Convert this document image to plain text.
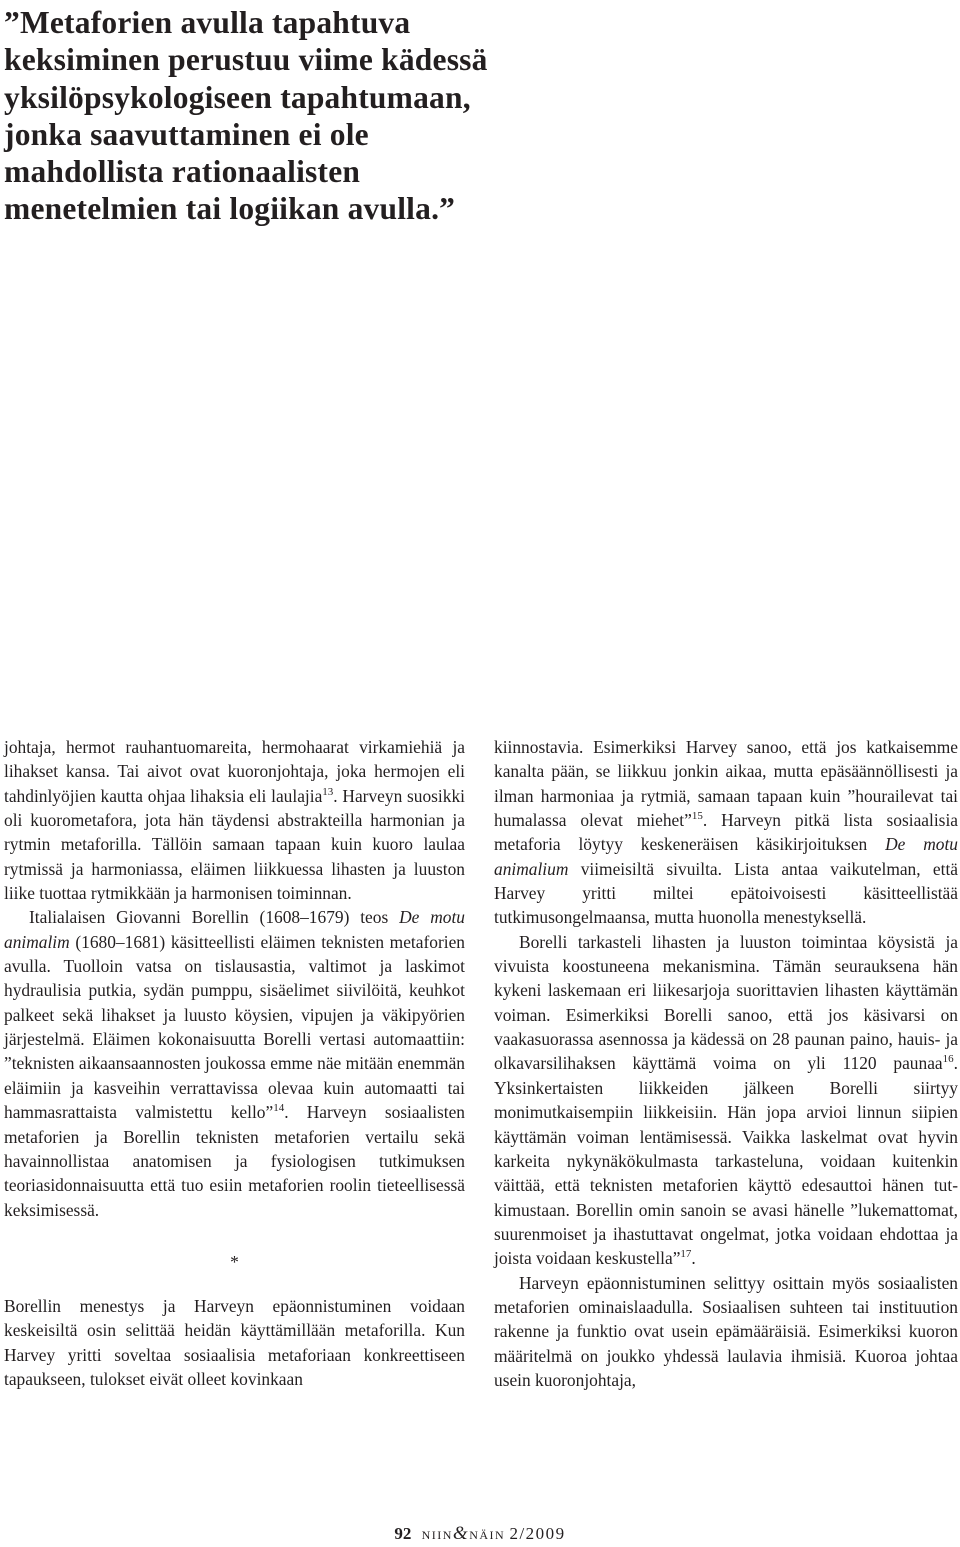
”Metaforien avulla tapahtuva keksiminen perustuu viime kädessä yksilöpsykologiseen tapahtumaan, jonka saavuttaminen ei ole mahdollista rationaalisten menetelmien tai logiikan avulla.”

johtaja, hermot rauhantuomareita, hermohaarat virkamiehiä ja lihakset kansa. Tai aivot ovat kuoronjohtaja, joka hermojen eli tahdinlyöjien kautta ohjaa lihaksia eli laulajia$^{13}$. Harveyn suosikki oli kuorometafora, jota hän täydensi abstrakteilla harmonian ja rytmin metaforilla. Tällöin samaan tapaan kuin kuoro laulaa rytmissä ja harmoniassa, eläimen liikkuessa lihasten ja luuston liike tuottaa rytmikkään ja harmonisen toiminnan.

Italialaisen Giovanni Borellin (1608–1679) teos De motu animalim (1680–1681) käsitteellisti eläimen teknisten metaforien avulla. Tuolloin vatsa on tislausastia, valtimot ja laskimot hydraulisia putkia, sydän pumppu, sisäelimet siivilöitä, keuhkot palkeet sekä lihakset ja luusto köysien, vipujen ja väkipyörien järjestelmä. Eläimen kokonaisuutta Borelli vertasi automaattiin: ”teknisten aikaansaannosten joukossa emme näe mitään enemmän eläimiin ja kasveihin verrattavissa olevaa kuin automaatti tai hammasrattaista valmistettu kello”$^{14}$. Harveyn sosiaalisten metaforien ja Borellin teknisten metaforien vertailu sekä havainnollistaa anatomisen ja fysiologisen tutkimuksen teoriasidonnaisuutta että tuo esiin metaforien roolin tieteellisessä keksimisessä.

*

Borellin menestys ja Harveyn epäonnistuminen voidaan keskeisiltä osin selittää heidän käyttämillään metaforilla. Kun Harvey yritti soveltaa sosiaalisia metaforiaan konkreettiseen tapaukseen, tulokset eivät olleet kovinkaan

kiinnostavia. Esimerkiksi Harvey sanoo, että jos katkaisemme kanalta pään, se liikkuu jonkin aikaa, mutta epäsäännöllisesti ja ilman harmoniaa ja rytmiä, samaan tapaan kuin ”hourailevat tai humalassa olevat miehet”$^{15}$. Harveyn pitkä lista sosiaalisia metaforia löytyy keskeneräisen käsikirjoituksen De motu animalium viimeisiltä sivuilta. Lista antaa vaikutelman, että Harvey yritti miltei epätoivoisesti käsitteellistää tutkimusongelmaansa, mutta huonolla menestyksellä.

Borelli tarkasteli lihasten ja luuston toimintaa köysistä ja vivuista koostuneena mekanismina. Tämän seurauksena hän kykeni laskemaan eri liikesarjoja suorittavien lihasten käyttämän voiman. Esimerkiksi Borelli sanoo, että jos käsivarsi on vaakasuorassa asennossa ja kädessä on 28 paunan paino, hauis- ja olkavarsilihaksen käyttämä voima on yli 1120 paunaa$^{16}$. Yksinkertaisten liikkeiden jälkeen Borelli siirtyy monimutkaisempiin liikkeisiin. Hän jopa arvioi linnun siipien käyttämän voiman lentämisessä. Vaikka laskelmat ovat hyvin karkeita nykynäkökulmasta tarkasteluna, voidaan kuitenkin väittää, että teknisten metaforien käyttö edesauttoi hänen tutkimustaan. Borellin omin sanoin se avasi hänelle ”lukemattomat, suurenmoiset ja ihastuttavat ongelmat, jotka voidaan ehdottaa ja joista voidaan keskustella”$^{17}$.

Harveyn epäonnistuminen selittyy osittain myös sosiaalisten metaforien ominaislaadulla. Sosiaalisen suhteen tai instituution rakenne ja funktio ovat usein epämääräisiä. Esimerkiksi kuoron määritelmä on joukko yhdessä laulavia ihmisiä. Kuoroa johtaa usein kuoronjohtaja,

92 niin&näin 2/2009
